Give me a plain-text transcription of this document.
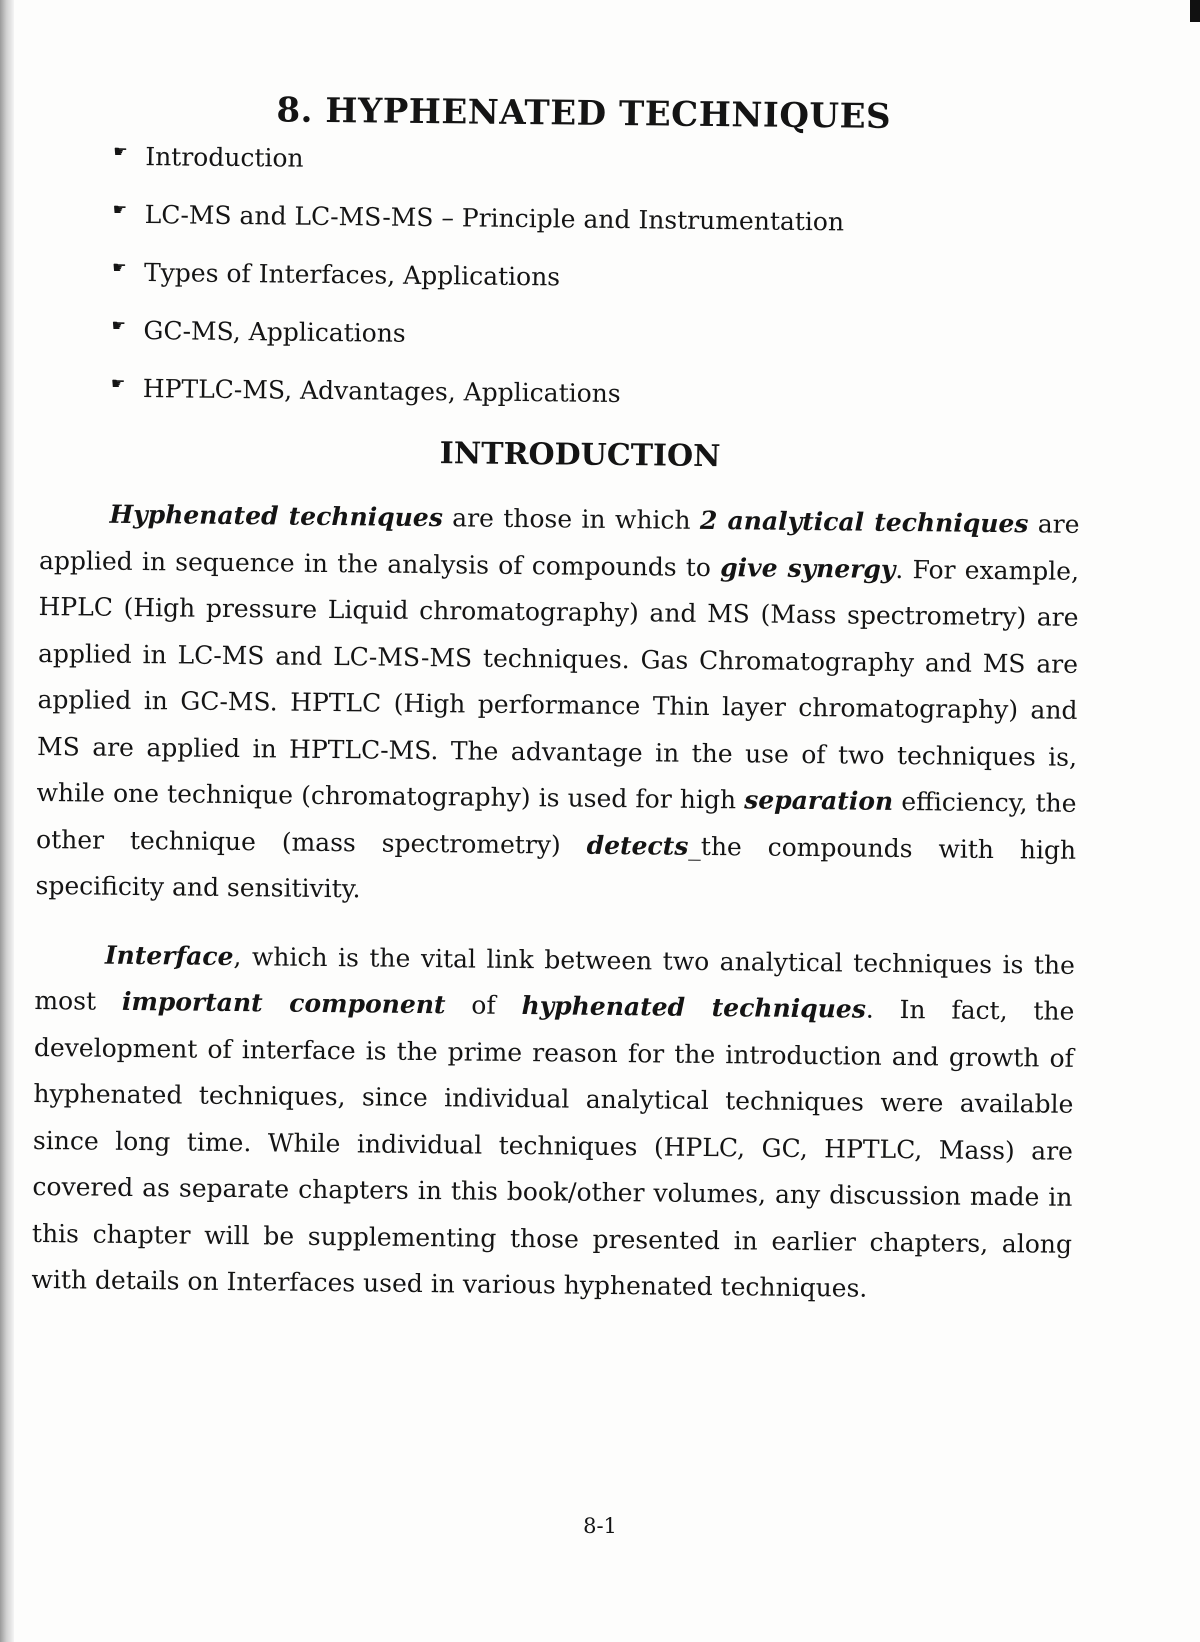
8. HYPHENATED TECHNIQUES
☛ Introduction
☛ LC-MS and LC-MS-MS – Principle and Instrumentation
☛ Types of Interfaces, Applications
☛ GC-MS, Applications
☛ HPTLC-MS, Advantages, Applications
INTRODUCTION

Hyphenated techniques are those in which 2 analytical techniques are applied in sequence in the analysis of compounds to give synergy. For example, HPLC (High pressure Liquid chromatography) and MS (Mass spectrometry) are applied in LC-MS and LC-MS-MS techniques. Gas Chromatography and MS are applied in GC-MS. HPTLC (High performance Thin layer chromatography) and MS are applied in HPTLC-MS. The advantage in the use of two techniques is, while one technique (chromatography) is used for high separation efficiency, the other technique (mass spectrometry) detects_the compounds with high specificity and sensitivity.

Interface, which is the vital link between two analytical techniques is the most important component of hyphenated techniques. In fact, the development of interface is the prime reason for the introduction and growth of hyphenated techniques, since individual analytical techniques were available since long time. While individual techniques (HPLC, GC, HPTLC, Mass) are covered as separate chapters in this book/other volumes, any discussion made in this chapter will be supplementing those presented in earlier chapters, along with details on Interfaces used in various hyphenated techniques.

8-1
